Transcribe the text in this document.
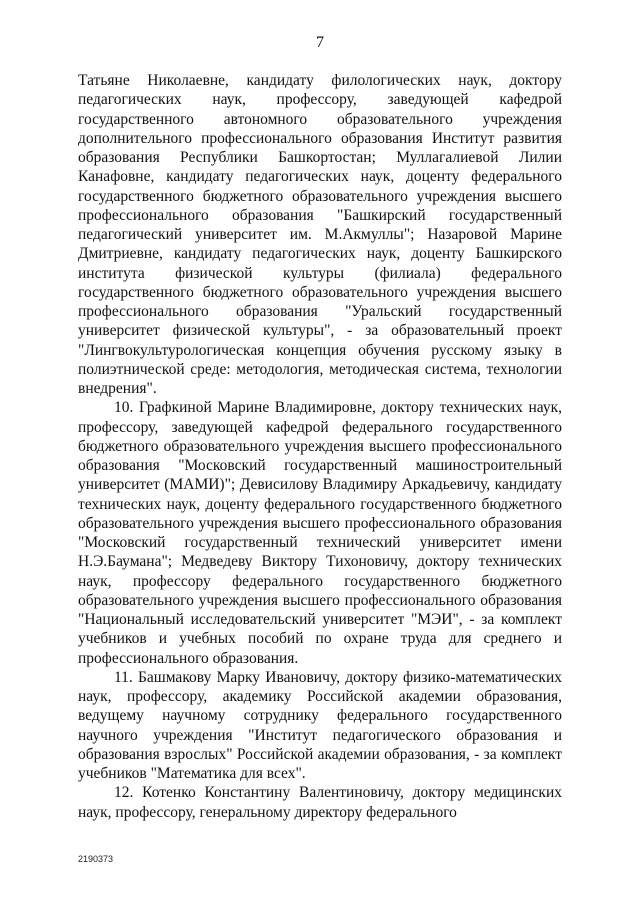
7

Татьяне Николаевне, кандидату филологических наук, доктору педагогических наук, профессору, заведующей кафедрой государственного автономного образовательного учреждения дополнительного профессионального образования Институт развития образования Республики Башкортостан; Муллагалиевой Лилии Канафовне, кандидату педагогических наук, доценту федерального государственного бюджетного образовательного учреждения высшего профессионального образования "Башкирский государственный педагогический университет им. М.Акмуллы"; Назаровой Марине Дмитриевне, кандидату педагогических наук, доценту Башкирского института физической культуры (филиала) федерального государственного бюджетного образовательного учреждения высшего профессионального образования "Уральский государственный университет физической культуры", - за образовательный проект "Лингвокультурологическая концепция обучения русскому языку в полиэтнической среде: методология, методическая система, технологии внедрения".

10. Графкиной Марине Владимировне, доктору технических наук, профессору, заведующей кафедрой федерального государственного бюджетного образовательного учреждения высшего профессионального образования "Московский государственный машиностроительный университет (МАМИ)"; Девисилову Владимиру Аркадьевичу, кандидату технических наук, доценту федерального государственного бюджетного образовательного учреждения высшего профессионального образования "Московский государственный технический университет имени Н.Э.Баумана"; Медведеву Виктору Тихоновичу, доктору технических наук, профессору федерального государственного бюджетного образовательного учреждения высшего профессионального образования "Национальный исследовательский университет "МЭИ", - за комплект учебников и учебных пособий по охране труда для среднего и профессионального образования.

11. Башмакову Марку Ивановичу, доктору физико-математических наук, профессору, академику Российской академии образования, ведущему научному сотруднику федерального государственного научного учреждения "Институт педагогического образования и образования взрослых" Российской академии образования, - за комплект учебников "Математика для всех".

12. Котенко Константину Валентиновичу, доктору медицинских наук, профессору, генеральному директору федерального

2190373
